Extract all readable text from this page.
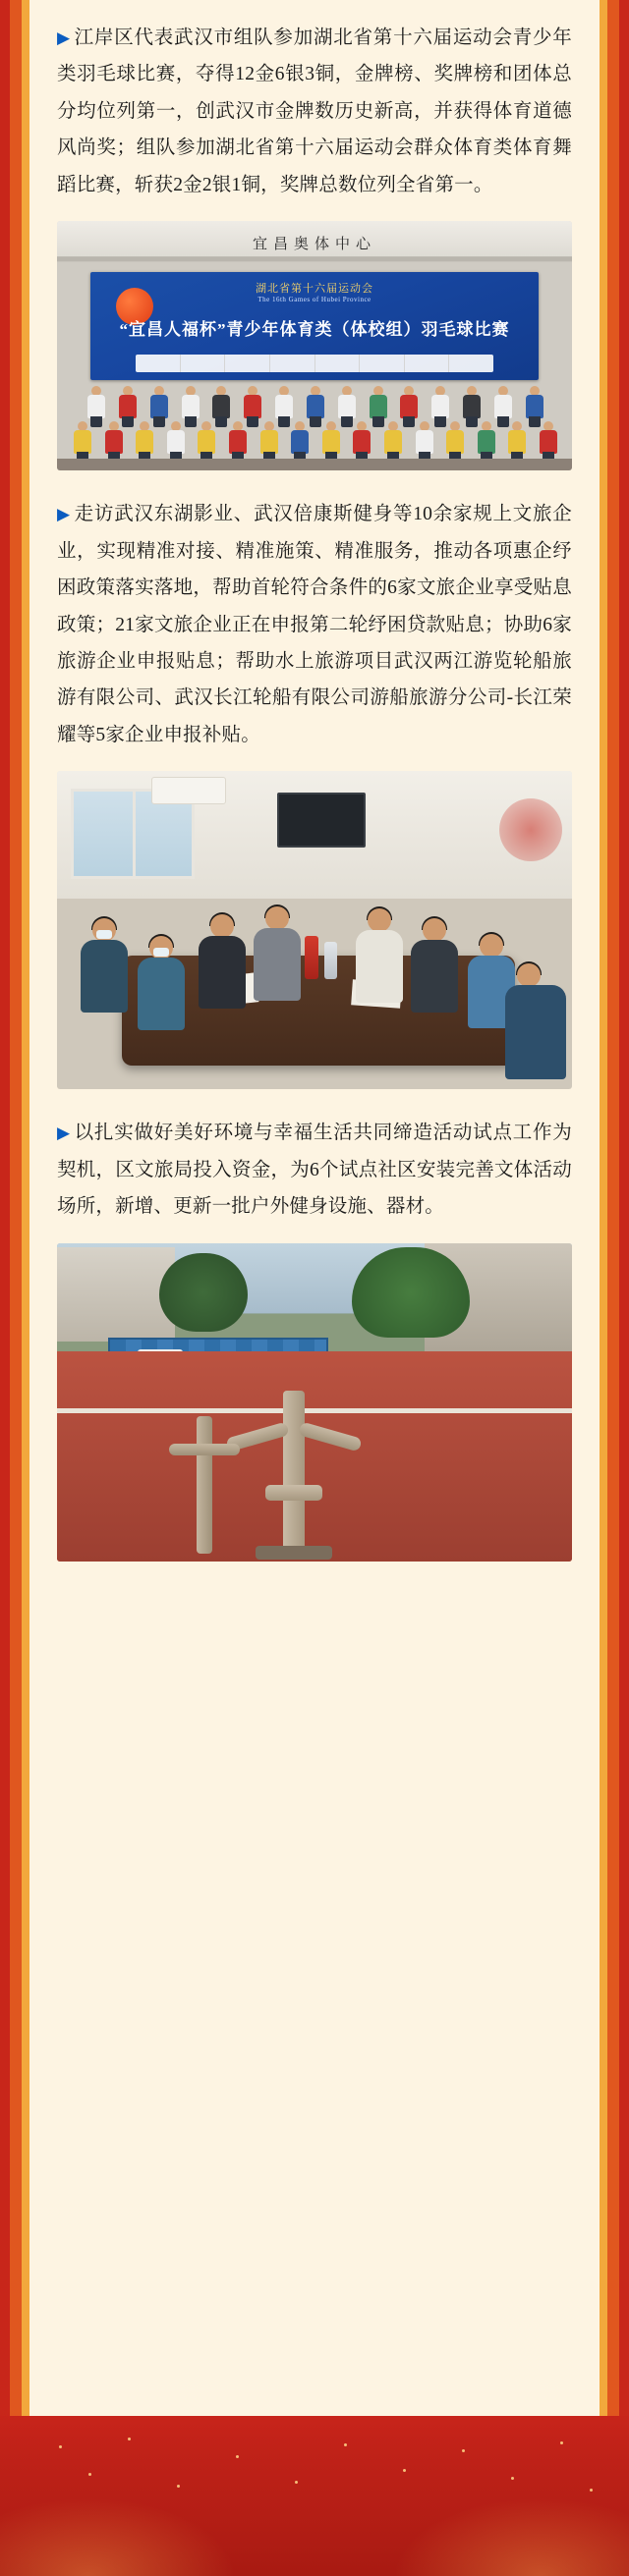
▶ 江岸区代表武汉市组队参加湖北省第十六届运动会青少年类羽毛球比赛，夺得12金6银3铜，金牌榜、奖牌榜和团体总分均位列第一，创武汉市金牌数历史新高，并获得体育道德风尚奖；组队参加湖北省第十六届运动会群众体育类体育舞蹈比赛，斩获2金2银1铜，奖牌总数位列全省第一。

宜昌奥体中心
湖北省第十六届运动会
The 16th Games of Hubei Province
“宜昌人福杯”青少年体育类（体校组）羽毛球比赛

▶ 走访武汉东湖影业、武汉倍康斯健身等10余家规上文旅企业，实现精准对接、精准施策、精准服务，推动各项惠企纾困政策落实落地，帮助首轮符合条件的6家文旅企业享受贴息政策；21家文旅企业正在申报第二轮纾困贷款贴息；协助6家旅游企业申报贴息；帮助水上旅游项目武汉两江游览轮船旅游有限公司、武汉长江轮船有限公司游船旅游分公司-长江荣耀等5家企业申报补贴。

▶ 以扎实做好美好环境与幸福生活共同缔造活动试点工作为契机，区文旅局投入资金，为6个试点社区安装完善文体活动场所，新增、更新一批户外健身设施、器材。
